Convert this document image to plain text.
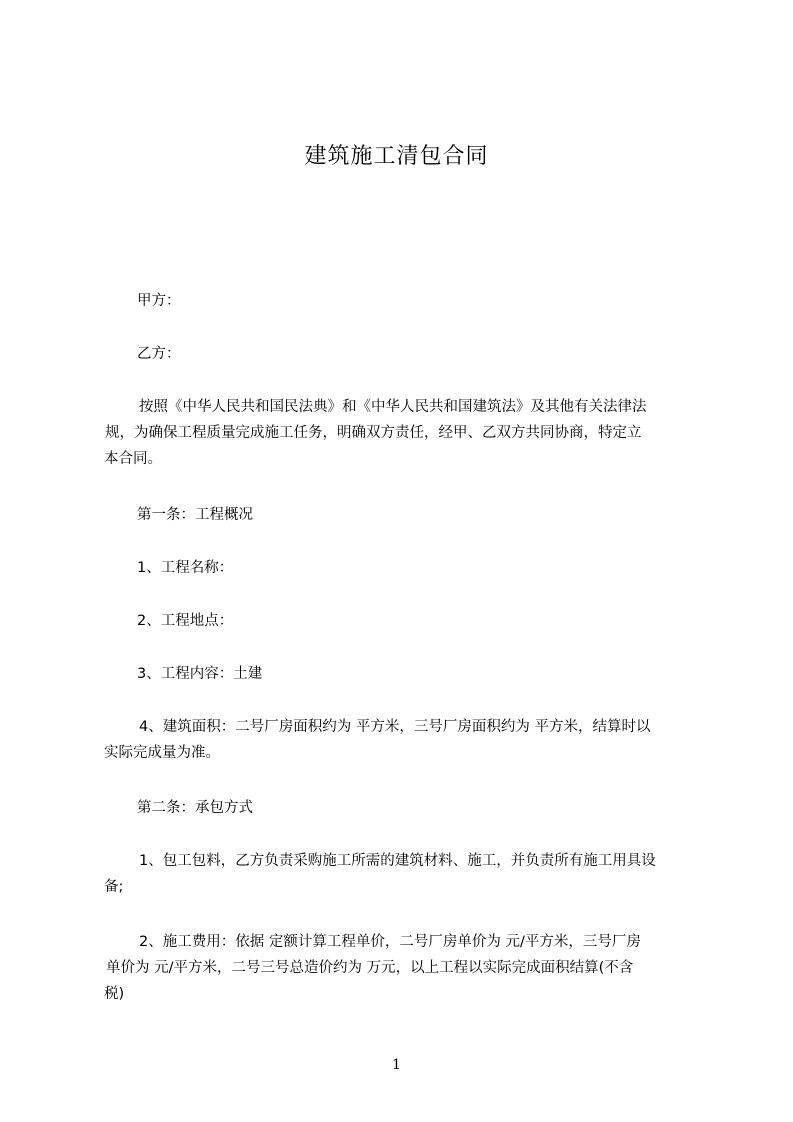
建筑施工清包合同
甲方：
乙方：
按照《中华人民共和国民法典》和《中华人民共和国建筑法》及其他有关法律法
规，为确保工程质量完成施工任务，明确双方责任，经甲、乙双方共同协商，特定立
本合同。
第一条：工程概况
1、工程名称：
2、工程地点：
3、工程内容：土建
4、建筑面积：二号厂房面积约为 平方米，三号厂房面积约为 平方米，结算时以
实际完成量为准。
第二条：承包方式
1、包工包料，乙方负责采购施工所需的建筑材料、施工，并负责所有施工用具设
备;
2、施工费用：依据 定额计算工程单价，二号厂房单价为 元/平方米，三号厂房
单价为 元/平方米，二号三号总造价约为 万元，以上工程以实际完成面积结算(不含
税)
1
